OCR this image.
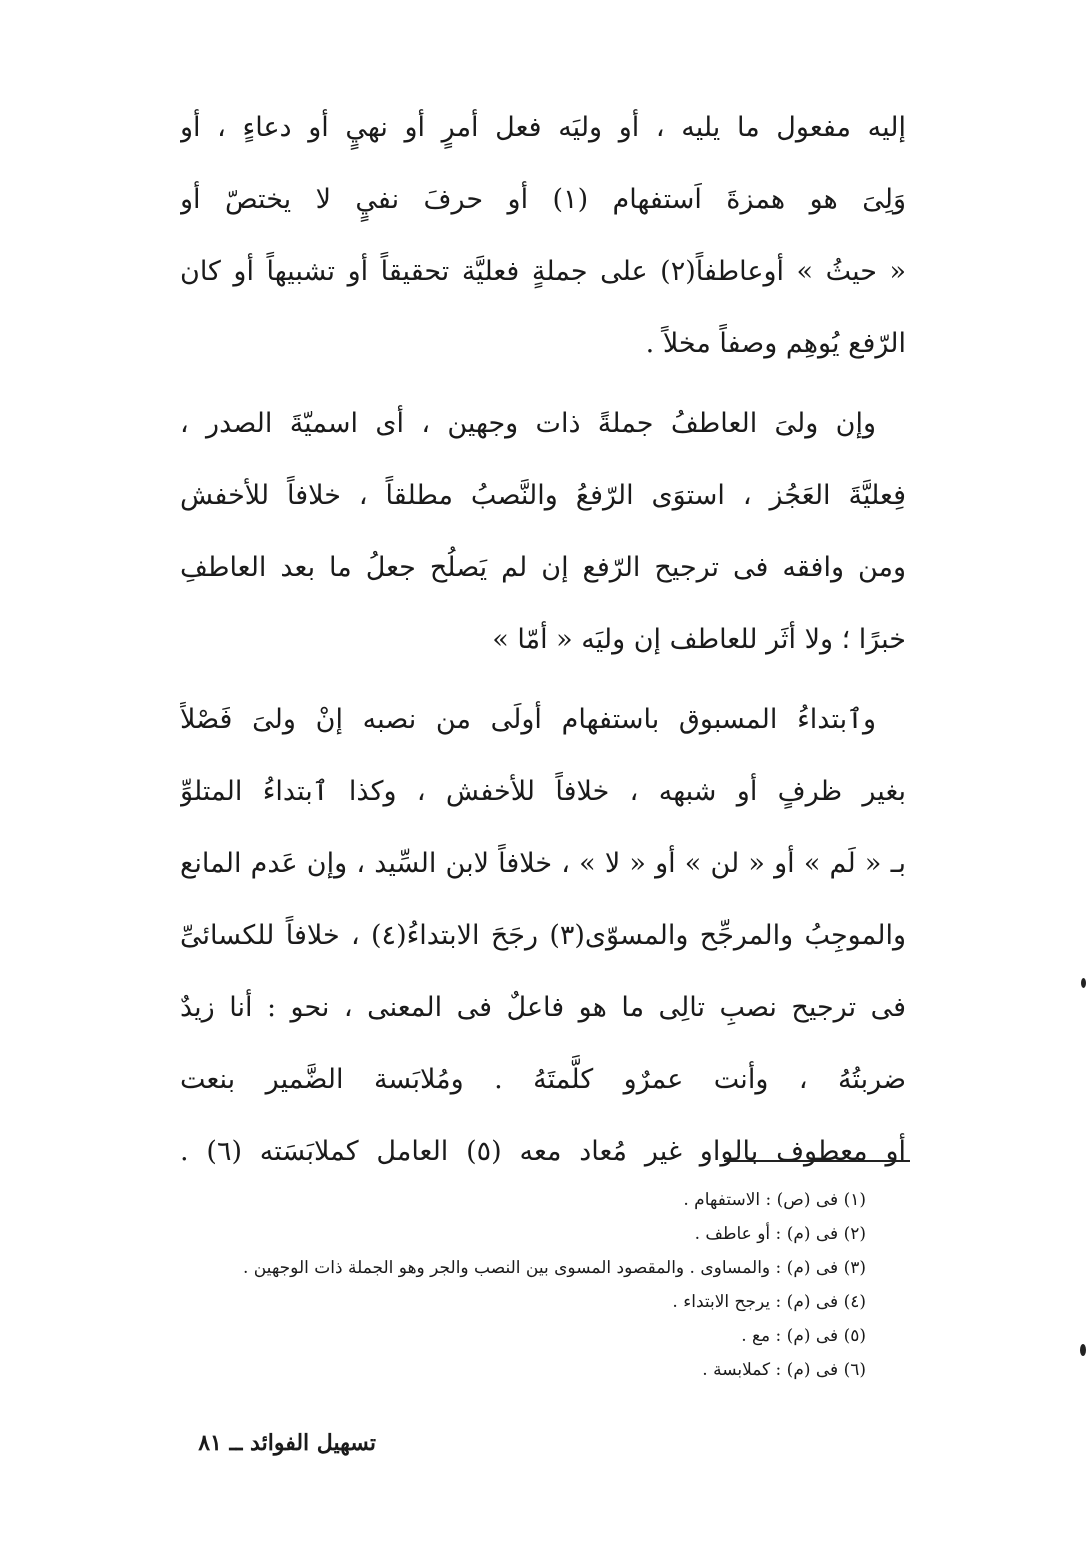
إليه مفعول ما يليه ، أو وليَه فعل أمرٍ أو نهيٍ أو دعاءٍ ، أو
وَلِىَ هو همزةَ اَستفهام (١) أو حرفَ نفيٍ لا يختصّ أو
« حيثُ » أوعاطفاً(٢) على جملةٍ فعليَّة تحقيقاً أو تشبيهاً أو كان
الرّفع يُوهِم وصفاً مخلاً .
وإن ولىَ العاطفُ جملةً ذات وجهين ، أى اسميّةَ الصدر ،
فِعليَّةَ العَجُز ، استوَى الرّفعُ والنَّصبُ مطلقاً ، خلافاً للأخفش
ومن وافقه فى ترجيح الرّفع إن لم يَصلُح جعلُ ما بعد العاطفِ
خبرًا ؛ ولا أثَر للعاطف إن وليَه « أمّا »
وٱبتداءُ المسبوق باستفهام أولَى من نصبه إنْ ولىَ فَصْلاً
بغير ظرفٍ أو شبهه ، خلافاً للأخفش ، وكذا ٱبتداءُ المتلوِّ
بـ « لَم » أو « لن » أو « لا » ، خلافاً لابن السِّيد ، وإن عَدم المانع
والموجِبُ والمرجِّح والمسوّى(٣) رجَحَ الابتداءُ(٤) ، خلافاً للكسائىِّ
فى ترجيح نصبِ تالِى ما هو فاعلٌ فى المعنى ، نحو : أنا زيدٌ
ضربتُهُ ، وأنت عمرٌو كلَّمتَهُ . ومُلابَسة الضَّمير بنعت
أو معطوف بالواو غير مُعاد معه (٥) العامل كملابَسَته (٦) .
(١) فى (ص) : الاستفهام .
(٢) فى (م) : أو عاطف .
(٣) فى (م) : والمساوى . والمقصود المسوى بين النصب والجر وهو الجملة ذات الوجهين .
(٤) فى (م) : يرجح الابتداء .
(٥) فى (م) : مع .
(٦) فى (م) : كملابسة .
تسهيل الفوائد ــ ٨١
